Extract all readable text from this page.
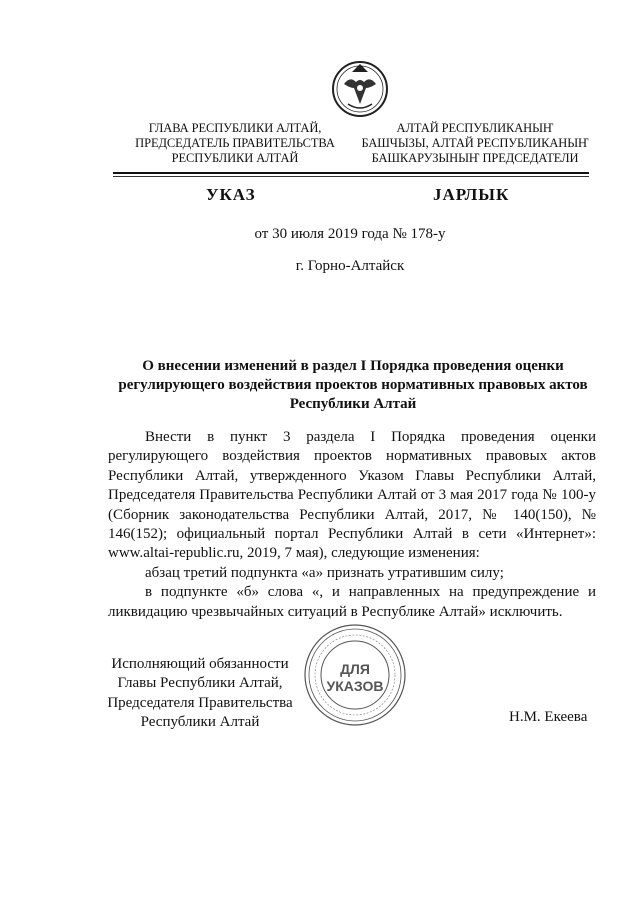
ГЛАВА РЕСПУБЛИКИ АЛТАЙ,
ПРЕДСЕДАТЕЛЬ ПРАВИТЕЛЬСТВА
РЕСПУБЛИКИ АЛТАЙ
АЛТАЙ РЕСПУБЛИКАНЫҤ
БАШЧЫЗЫ, АЛТАЙ РЕСПУБЛИКАНЫҤ
БАШКАРУЗЫНЫҤ ПРЕДСЕДАТЕЛИ
УКАЗ	JАРЛЫК
от 30 июля 2019 года № 178-у
г. Горно-Алтайск
О внесении изменений в раздел I Порядка проведения оценки
регулирующего воздействия проектов нормативных правовых актов
Республики Алтай

Внести в пункт 3 раздела I Порядка проведения оценки регулирующего воздействия проектов нормативных правовых актов Республики Алтай, утвержденного Указом Главы Республики Алтай, Председателя Правительства Республики Алтай от 3 мая 2017 года № 100-у (Сборник законодательства Республики Алтай, 2017, № 140(150), № 146(152); официальный портал Республики Алтай в сети «Интернет»: www.altai-republic.ru, 2019, 7 мая), следующие изменения:

абзац третий подпункта «а» признать утратившим силу;

в подпункте «б» слова «, и направленных на предупреждение и ликвидацию чрезвычайных ситуаций в Республике Алтай» исключить.

Исполняющий обязанности
Главы Республики Алтай,
Председателя Правительства
Республики Алтай
ДЛЯ
УКАЗОВ
Н.М. Екеева
